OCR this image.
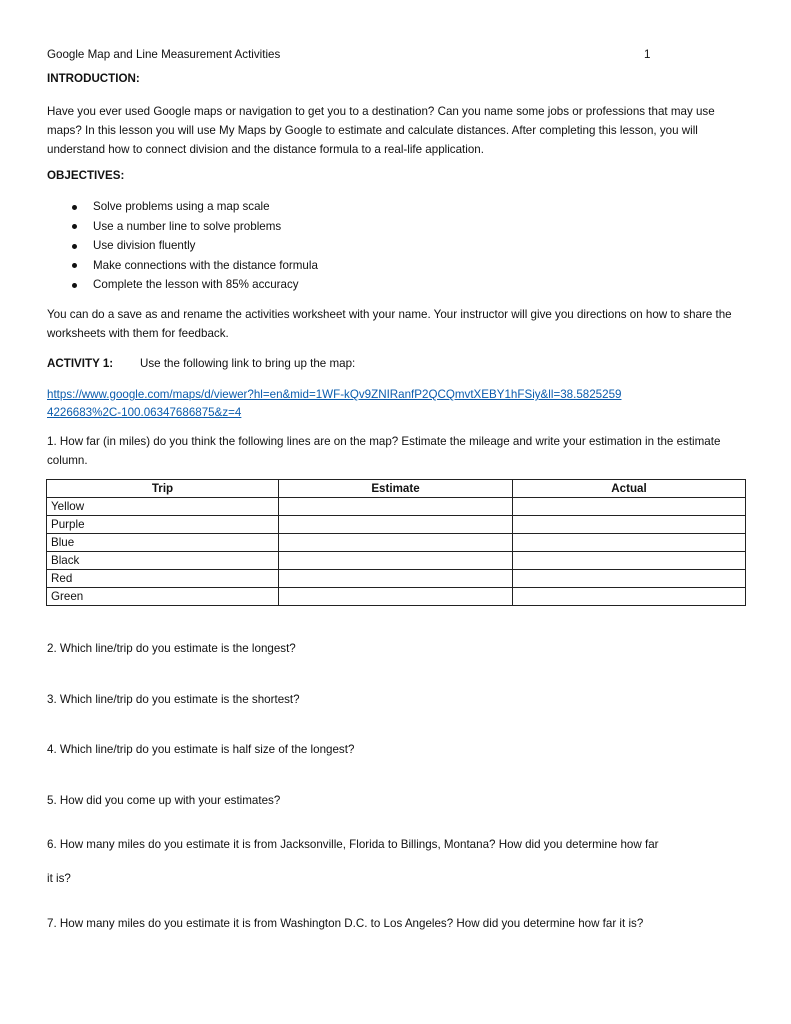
Google Map and Line Measurement Activities	1
INTRODUCTION:
Have you ever used Google maps or navigation to get you to a destination? Can you name some jobs or professions that may use maps? In this lesson you will use My Maps by Google to estimate and calculate distances. After completing this lesson, you will understand how to connect division and the distance formula to a real-life application.
OBJECTIVES:
Solve problems using a map scale
Use a number line to solve problems
Use division fluently
Make connections with the distance formula
Complete the lesson with 85% accuracy
You can do a save as and rename the activities worksheet with your name. Your instructor will give you directions on how to share the worksheets with them for feedback.
ACTIVITY 1: Use the following link to bring up the map:
https://www.google.com/maps/d/viewer?hl=en&mid=1WF-kQv9ZNIRanfP2QCQmvtXEBY1hFSiy&ll=38.58252594226683%2C-100.06347686875&z=4
1. How far (in miles) do you think the following lines are on the map? Estimate the mileage and write your estimation in the estimate column.
Trip	Estimate	Actual
Yellow		
Purple		
Blue		
Black		
Red		
Green		
2. Which line/trip do you estimate is the longest?
3. Which line/trip do you estimate is the shortest?
4. Which line/trip do you estimate is half size of the longest?
5. How did you come up with your estimates?
6. How many miles do you estimate it is from Jacksonville, Florida to Billings, Montana? How did you determine how far
it is?
7. How many miles do you estimate it is from Washington D.C. to Los Angeles? How did you determine how far it is?
